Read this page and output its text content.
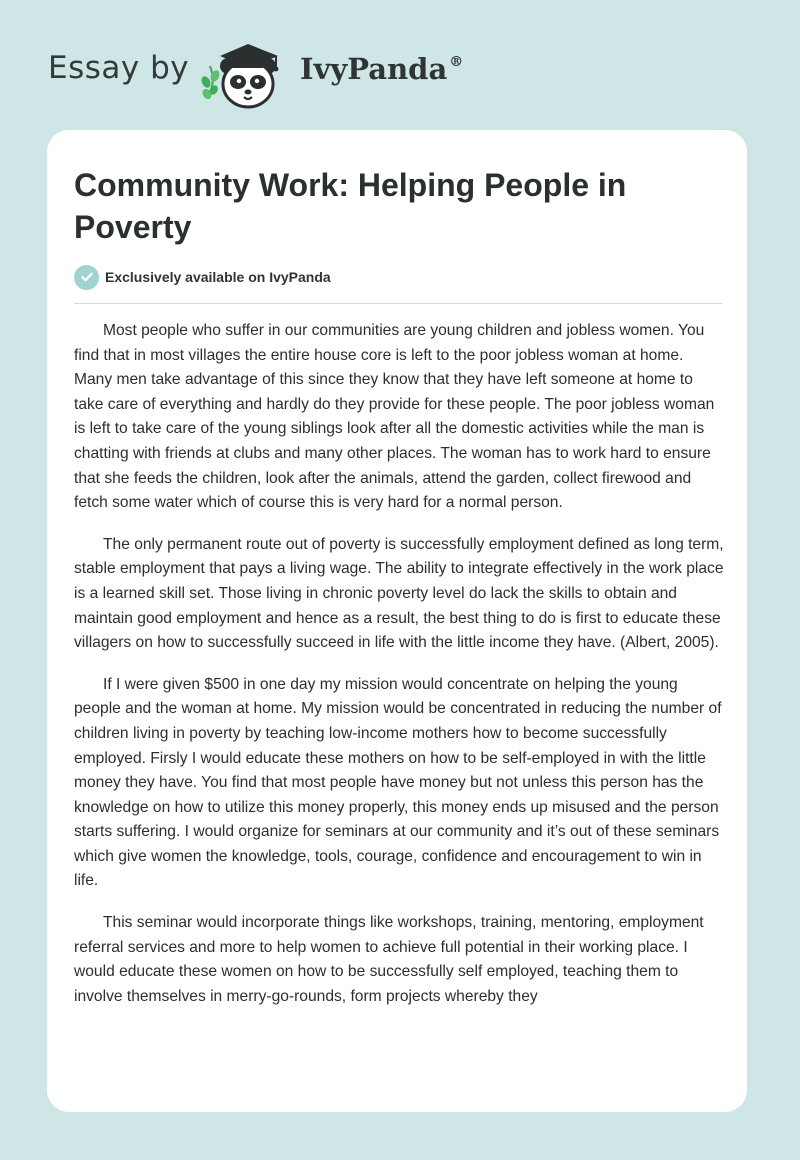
Essay by	IvyPanda ®
Community Work: Helping People in Poverty
Exclusively available on IvyPanda

Most people who suffer in our communities are young children and jobless women. You find that in most villages the entire house core is left to the poor jobless woman at home. Many men take advantage of this since they know that they have left someone at home to take care of everything and hardly do they provide for these people. The poor jobless woman is left to take care of the young siblings look after all the domestic activities while the man is chatting with friends at clubs and many other places. The woman has to work hard to ensure that she feeds the children, look after the animals, attend the garden, collect firewood and fetch some water which of course this is very hard for a normal person.

The only permanent route out of poverty is successfully employment defined as long term, stable employment that pays a living wage. The ability to integrate effectively in the work place is a learned skill set. Those living in chronic poverty level do lack the skills to obtain and maintain good employment and hence as a result, the best thing to do is first to educate these villagers on how to successfully succeed in life with the little income they have. (Albert, 2005).

If I were given $500 in one day my mission would concentrate on helping the young people and the woman at home. My mission would be concentrated in reducing the number of children living in poverty by teaching low-income mothers how to become successfully employed. Firsly I would educate these mothers on how to be self-employed in with the little money they have. You find that most people have money but not unless this person has the knowledge on how to utilize this money properly, this money ends up misused and the person starts suffering. I would organize for seminars at our community and it’s out of these seminars which give women the knowledge, tools, courage, confidence and encouragement to win in life.

This seminar would incorporate things like workshops, training, mentoring, employment referral services and more to help women to achieve full potential in their working place. I would educate these women on how to be successfully self employed, teaching them to involve themselves in merry-go-rounds, form projects whereby they
